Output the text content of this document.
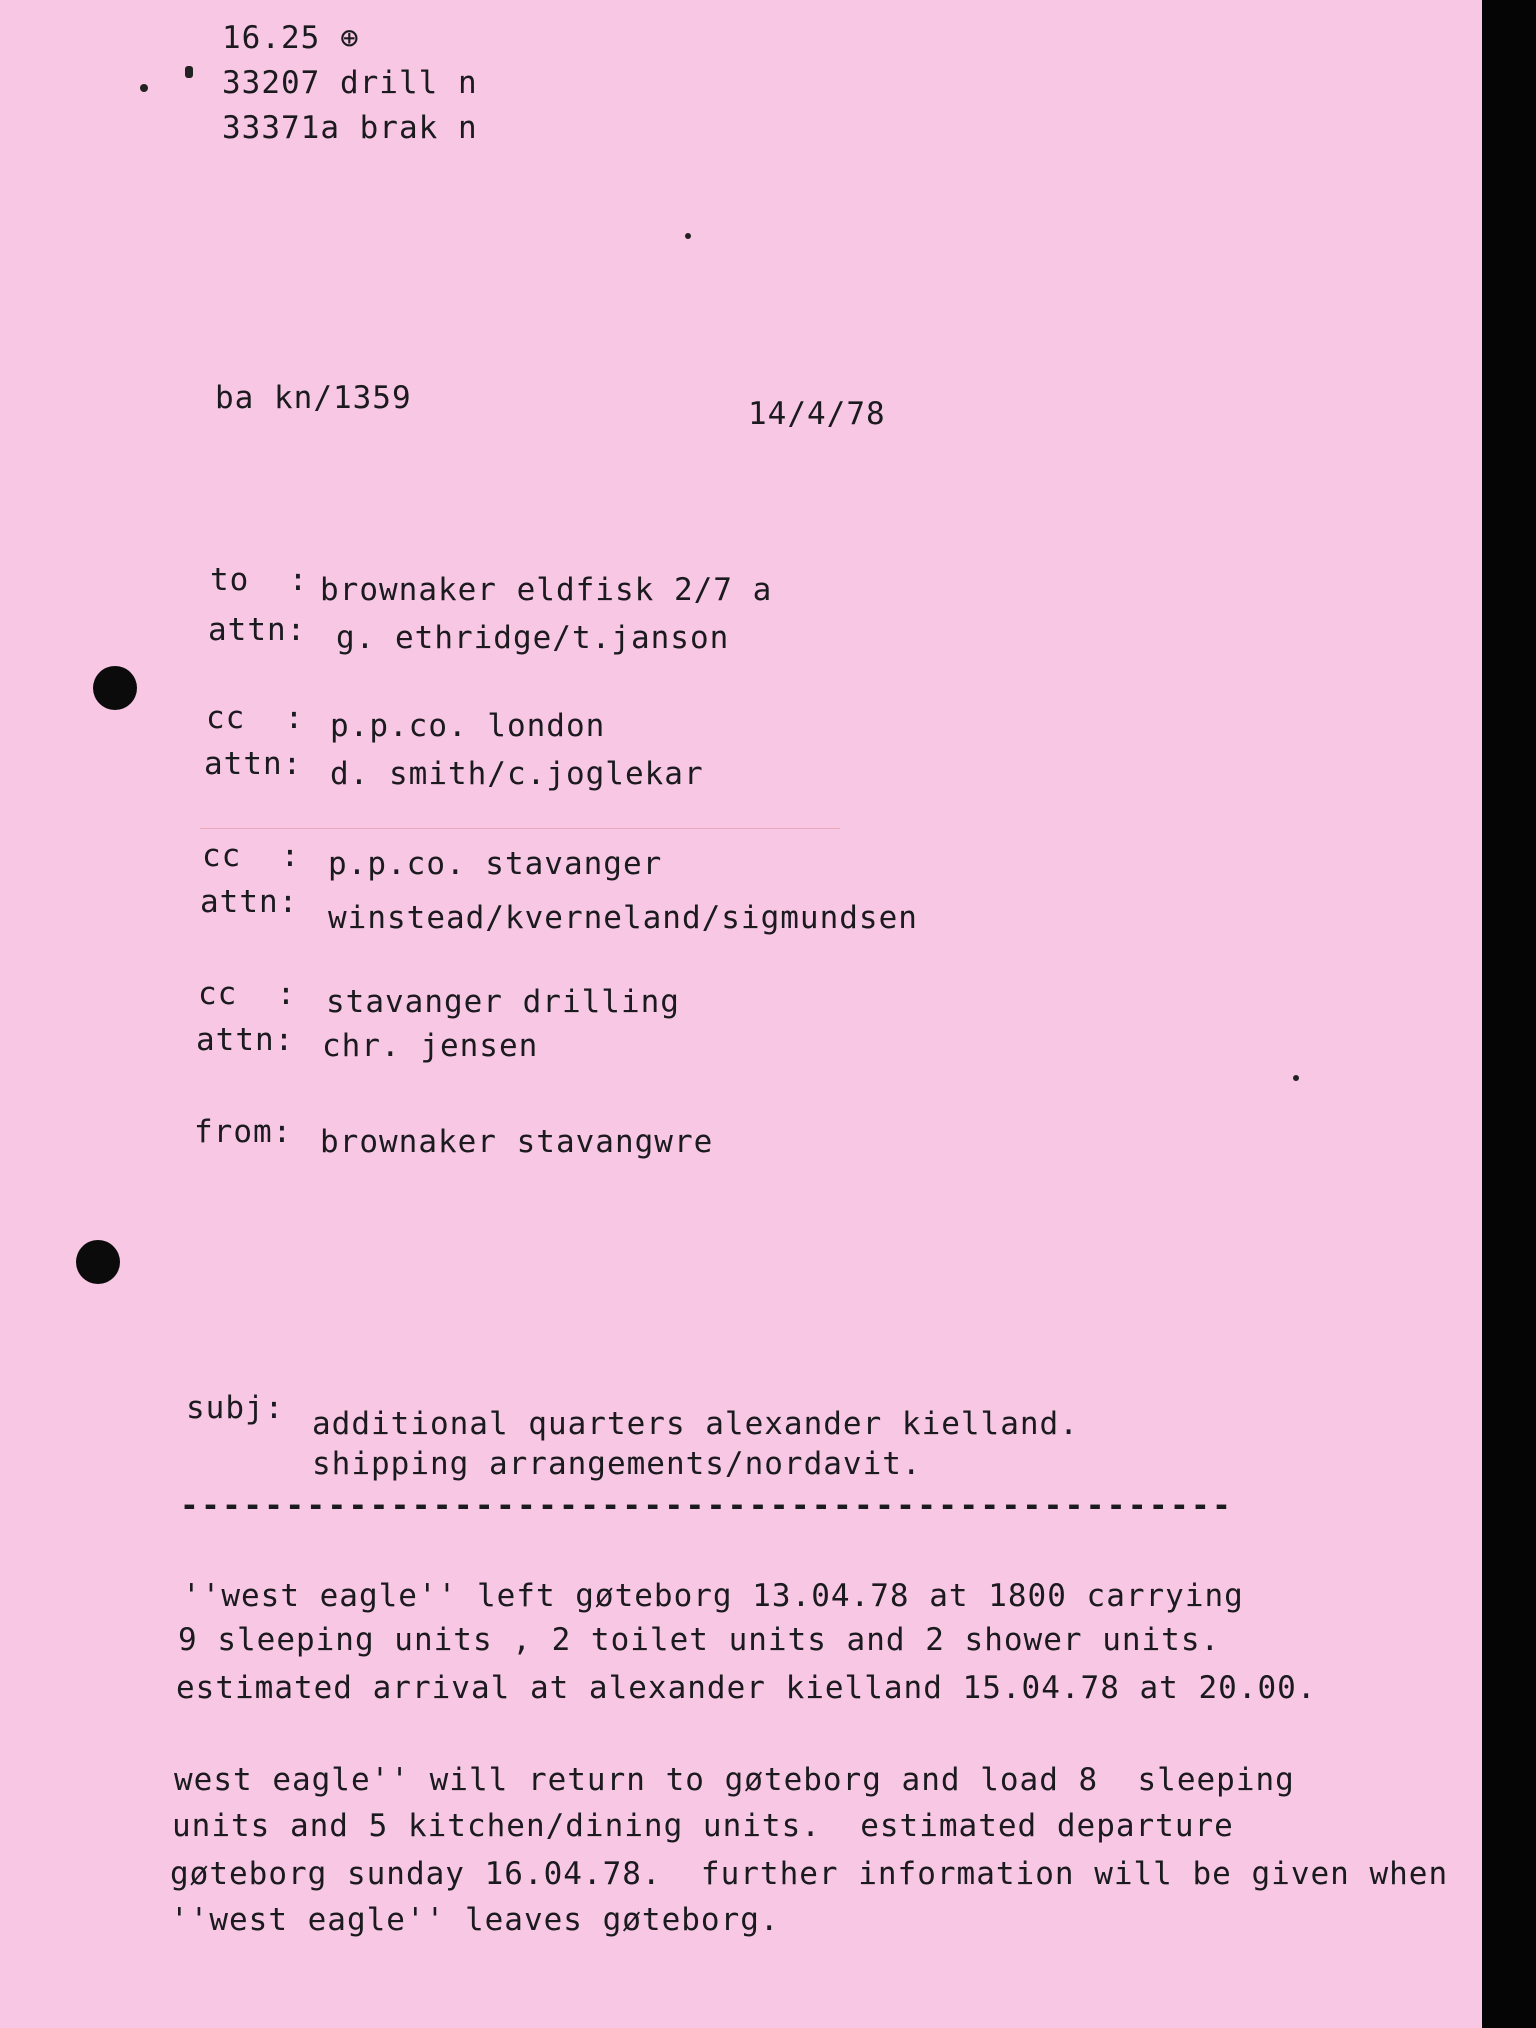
16.25 ⊕
33207 drill n
33371a brak n
ba kn/1359	14/4/78
to  : brownaker eldfisk 2/7 a
attn: g. ethridge/t.janson
cc  : p.p.co. london
attn: d. smith/c.joglekar
cc  : p.p.co. stavanger
attn: winstead/kverneland/sigmundsen
cc  : stavanger drilling
attn: chr. jensen
from: brownaker stavangwre
subj: additional quarters alexander kielland.
shipping arrangements/nordavit.
--------------------------------------------------
''west eagle'' left gøteborg 13.04.78 at 1800 carrying
9 sleeping units , 2 toilet units and 2 shower units.
estimated arrival at alexander kielland 15.04.78 at 20.00.
west eagle'' will return to gøteborg and load 8  sleeping
units and 5 kitchen/dining units.  estimated departure
gøteborg sunday 16.04.78.  further information will be given when
''west eagle'' leaves gøteborg.
